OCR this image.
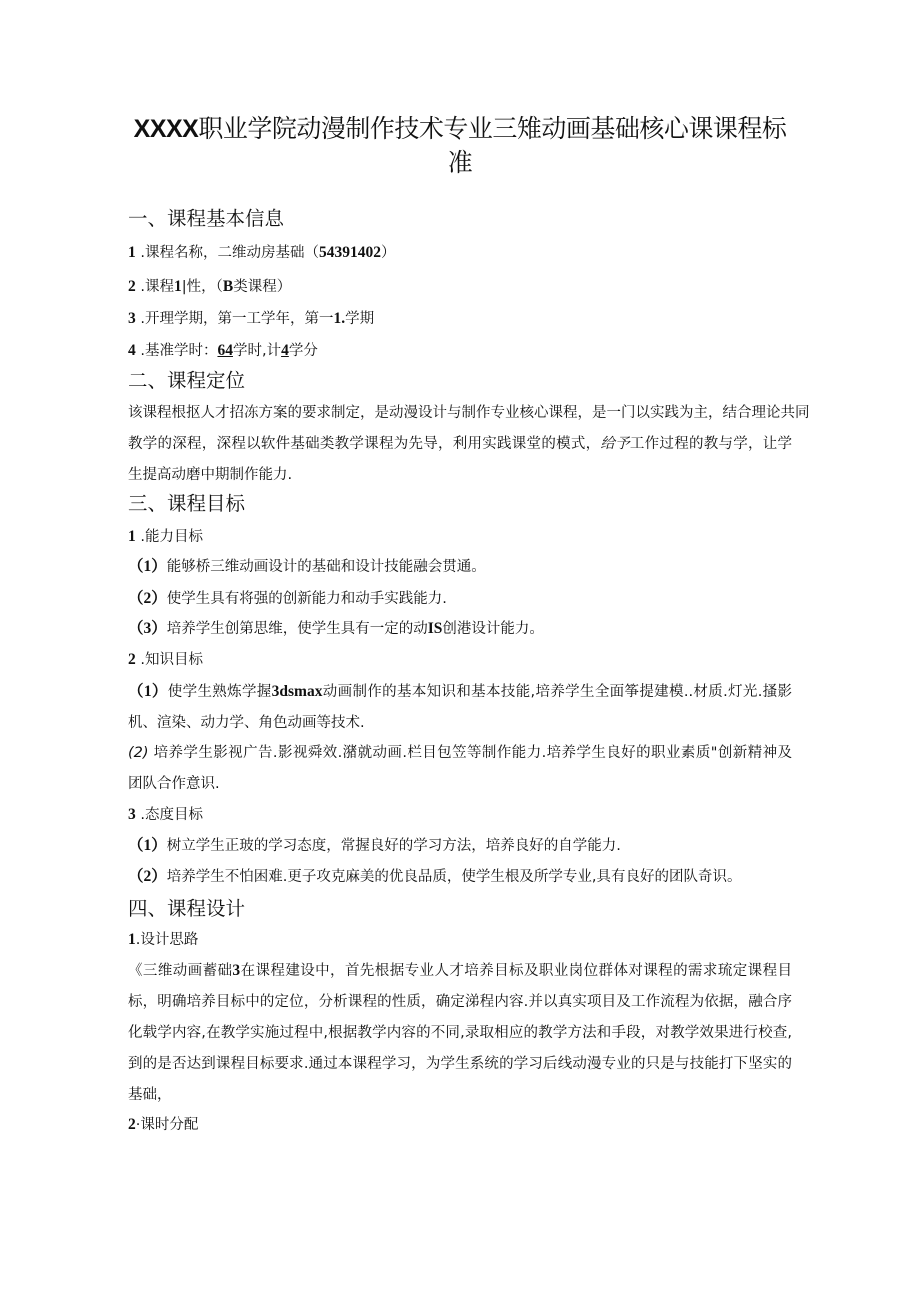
XXXX职业学院动漫制作技术专业三雉动画基础核心课课程标
准
一、课程基本信息
1 .课程名称，二维动房基础（54391402）
2 .课程1|性，（B类课程）
3 .开理学期，第一工学年，第一1.学期
4 .基准学时：64学时,计4学分
二、课程定位
该课程根抠人才招冻方案的要求制定，是动漫设计与制作专业核心课程，是一门以实践为主，结合理论共同
教学的深程，深程以软件基础类教学课程为先导，利用实践课堂的模式，给予工作过程的教与学，让学
生提高动磨中期制作能力.
三、课程目标
1 .能力目标
（1）能够桥三维动画设计的基础和设计技能融会贯通。
（2）使学生具有将强的创新能力和动手实践能力.
（3）培养学生创第思维，使学生具有一定的动IS创港设计能力。
2 .知识目标
（1）使学生熟炼学握3dsmax动画制作的基本知识和基本技能,培养学生全面筝提建模..材质.灯光.搔影
机、渲染、动力学、角色动画等技术.
(2) 培养学生影视广告.影视舜效.潴就动画.栏目包笠等制作能力.培养学生良好的职业素质"创新精神及
团队合作意识.
3 .态度目标
（1）树立学生正玻的学习态度，常握良好的学习方法，培养良好的自学能力.
（2）培养学生不怕困难.更子攻克麻美的优良品质，使学生根及所学专业,具有良好的团队奇识。
四、课程设计
1.设计思路
《三维动画蓄础3在课程建设中，首先根据专业人才培养目标及职业岗位群体对课程的需求琉定课程目
标，明确培养目标中的定位，分析课程的性质，确定涕程内容.并以真实项目及工作流程为依据，融合序
化载学内容,在教学实施过程中,根据教学内容的不同,录取相应的教学方法和手段，对教学效果进行校查,
到的是否达到课程目标要求.通过本课程学习，为学生系统的学习后线动漫专业的只是与技能打下坚实的
基础，
2·课时分配
